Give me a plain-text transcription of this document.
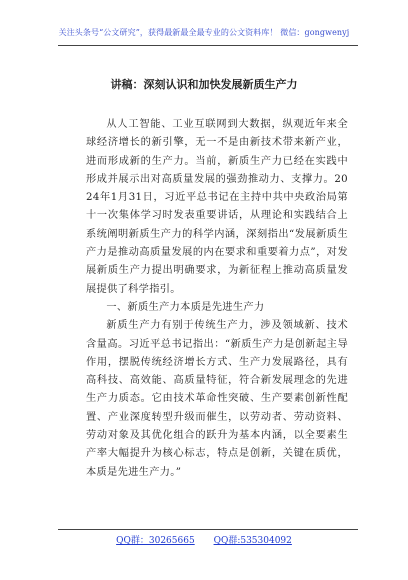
关注头条号“公文研究”，获得最新最全最专业的公文资料库！ 微信：gongwenyj
讲稿：深刻认识和加快发展新质生产力

从人工智能、工业互联网到大数据，纵观近年来全球经济增长的新引擎，无一不是由新技术带来新产业，进而形成新的生产力。当前，新质生产力已经在实践中形成并展示出对高质量发展的强劲推动力、支撑力。2024年1月31日，习近平总书记在主持中共中央政治局第十一次集体学习时发表重要讲话，从理论和实践结合上系统阐明新质生产力的科学内涵，深刻指出“发展新质生产力是推动高质量发展的内在要求和重要着力点”，对发展新质生产力提出明确要求，为新征程上推动高质量发展提供了科学指引。

一、新质生产力本质是先进生产力

新质生产力有别于传统生产力，涉及领域新、技术含量高。习近平总书记指出：“新质生产力是创新起主导作用，摆脱传统经济增长方式、生产力发展路径，具有高科技、高效能、高质量特征，符合新发展理念的先进生产力质态。它由技术革命性突破、生产要素创新性配置、产业深度转型升级而催生，以劳动者、劳动资料、劳动对象及其优化组合的跃升为基本内涵，以全要素生产率大幅提升为核心标志，特点是创新，关键在质优，本质是先进生产力。”

QQ群：30265665 QQ群:535304092
